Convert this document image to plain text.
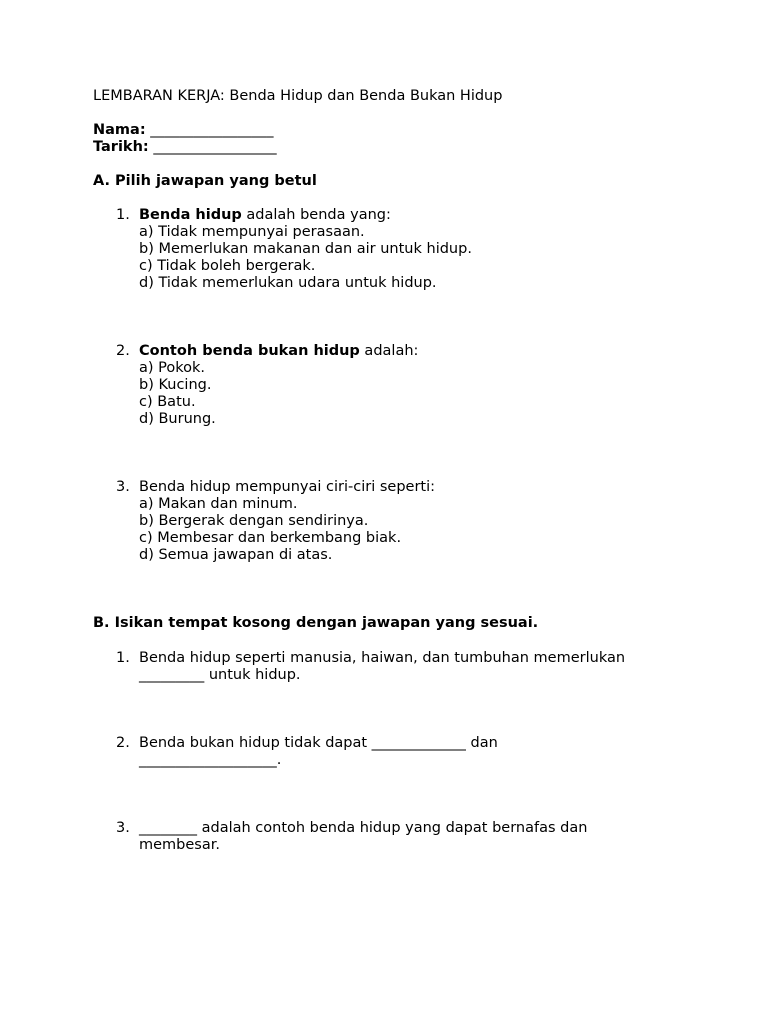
LEMBARAN KERJA: Benda Hidup dan Benda Bukan Hidup
Nama: _________________
Tarikh: _________________
A. Pilih jawapan yang betul
1. Benda hidup adalah benda yang:
a) Tidak mempunyai perasaan.
b) Memerlukan makanan dan air untuk hidup.
c) Tidak boleh bergerak.
d) Tidak memerlukan udara untuk hidup.
2. Contoh benda bukan hidup adalah:
a) Pokok.
b) Kucing.
c) Batu.
d) Burung.
3. Benda hidup mempunyai ciri-ciri seperti:
a) Makan dan minum.
b) Bergerak dengan sendirinya.
c) Membesar dan berkembang biak.
d) Semua jawapan di atas.
B. Isikan tempat kosong dengan jawapan yang sesuai.
1. Benda hidup seperti manusia, haiwan, dan tumbuhan memerlukan
_________ untuk hidup.
2. Benda bukan hidup tidak dapat _____________ dan
___________________.
3. ________ adalah contoh benda hidup yang dapat bernafas dan
membesar.
